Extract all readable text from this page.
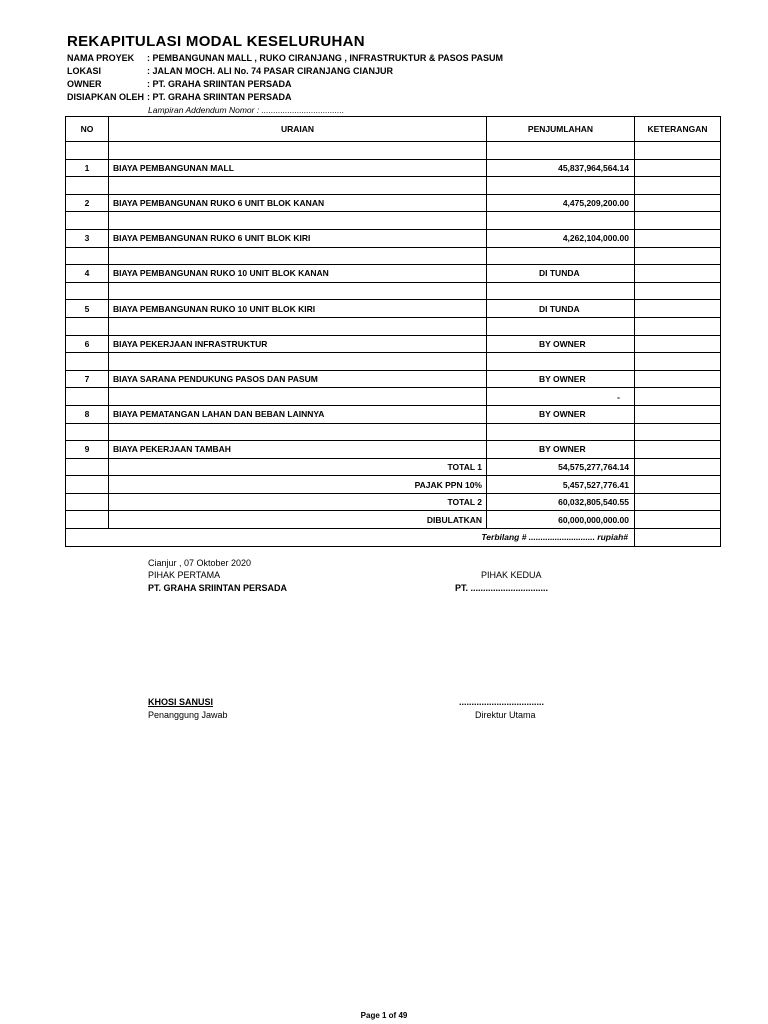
REKAPITULASI MODAL KESELURUHAN
NAMA PROYEK : PEMBANGUNAN MALL , RUKO CIRANJANG , INFRASTRUKTUR & PASOS PASUM
LOKASI	: JALAN MOCH. ALI No. 74 PASAR CIRANJANG CIANJUR
OWNER	: PT. GRAHA SRIINTAN PERSADA
DISIAPKAN OLEH : PT. GRAHA SRIINTAN PERSADA
Lampiran Addendum Nomor : ...................................
NO	URAIAN	PENJUMLAHAN	KETERANGAN

1	BIAYA PEMBANGUNAN MALL	45,837,964,564.14	

2	BIAYA PEMBANGUNAN RUKO 6 UNIT BLOK KANAN	4,475,209,200.00	

3	BIAYA PEMBANGUNAN RUKO 6 UNIT BLOK KIRI	4,262,104,000.00	

4	BIAYA PEMBANGUNAN RUKO 10 UNIT BLOK KANAN	DI TUNDA	

5	BIAYA PEMBANGUNAN RUKO 10 UNIT BLOK KIRI	DI TUNDA	

6	BIAYA PEKERJAAN INFRASTRUKTUR	BY OWNER	

7	BIAYA SARANA PENDUKUNG PASOS DAN PASUM	BY OWNER	
		-	
8	BIAYA PEMATANGAN LAHAN DAN BEBAN LAINNYA	BY OWNER	

9	BIAYA PEKERJAAN TAMBAH	BY OWNER	
	TOTAL 1	54,575,277,764.14	
	PAJAK PPN 10%	5,457,527,776.41	
	TOTAL 2	60,032,805,540.55	
	DIBULATKAN	60,000,000,000.00	
Terbilang # ............................ rupiah#			
Cianjur , 07 Oktober 2020
PIHAK PERTAMA	PIHAK KEDUA
PT. GRAHA SRIINTAN PERSADA	PT. ...............................
KHOSI SANUSI	..................................
Penanggung Jawab	Direktur Utama
Page 1 of 49
